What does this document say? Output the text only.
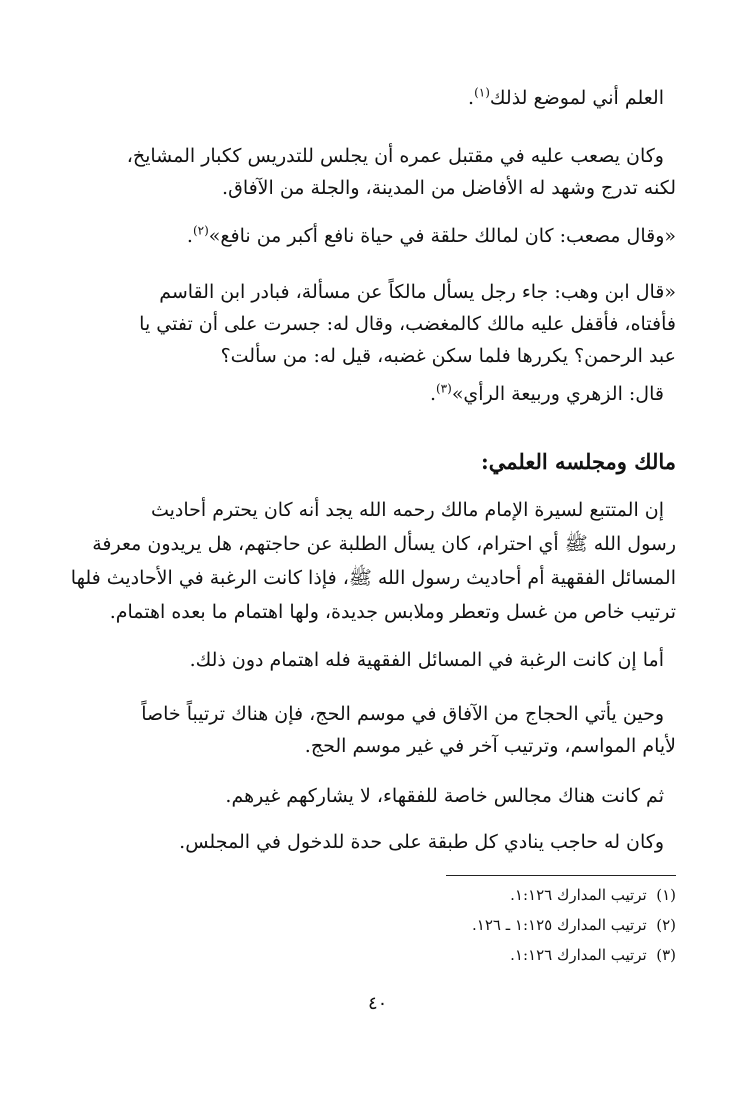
العلم أني لموضع لذلك$^{(١)}$.
وكان يصعب عليه في مقتبل عمره أن يجلس للتدريس ككبار المشايخ،
لكنه تدرج وشهد له الأفاضل من المدينة، والجلة من الآفاق.
«وقال مصعب: كان لمالك حلقة في حياة نافع أكبر من نافع»$^{(٢)}$.
«قال ابن وهب: جاء رجل يسأل مالكاً عن مسألة، فبادر ابن القاسم
فأفتاه، فأقفل عليه مالك كالمغضب، وقال له: جسرت على أن تفتي يا
عبد الرحمن؟ يكررها فلما سكن غضبه، قيل له: من سألت؟
قال: الزهري وربيعة الرأي»$^{(٣)}$.
مالك ومجلسه العلمي:
إن المتتبع لسيرة الإمام مالك رحمه الله يجد أنه كان يحترم أحاديث
رسول الله ﷺ أي احترام، كان يسأل الطلبة عن حاجتهم، هل يريدون معرفة
المسائل الفقهية أم أحاديث رسول الله ﷺ، فإذا كانت الرغبة في الأحاديث فلها
ترتيب خاص من غسل وتعطر وملابس جديدة، ولها اهتمام ما بعده اهتمام.
أما إن كانت الرغبة في المسائل الفقهية فله اهتمام دون ذلك.
وحين يأتي الحجاج من الآفاق في موسم الحج، فإن هناك ترتيباً خاصاً
لأيام المواسم، وترتيب آخر في غير موسم الحج.
ثم كانت هناك مجالس خاصة للفقهاء، لا يشاركهم غيرهم.
وكان له حاجب ينادي كل طبقة على حدة للدخول في المجلس.
(١)  ترتيب المدارك ١:١٢٦.
(٢)  ترتيب المدارك ١:١٢٥ ـ ١٢٦.
(٣)  ترتيب المدارك ١:١٢٦.
٤٠
